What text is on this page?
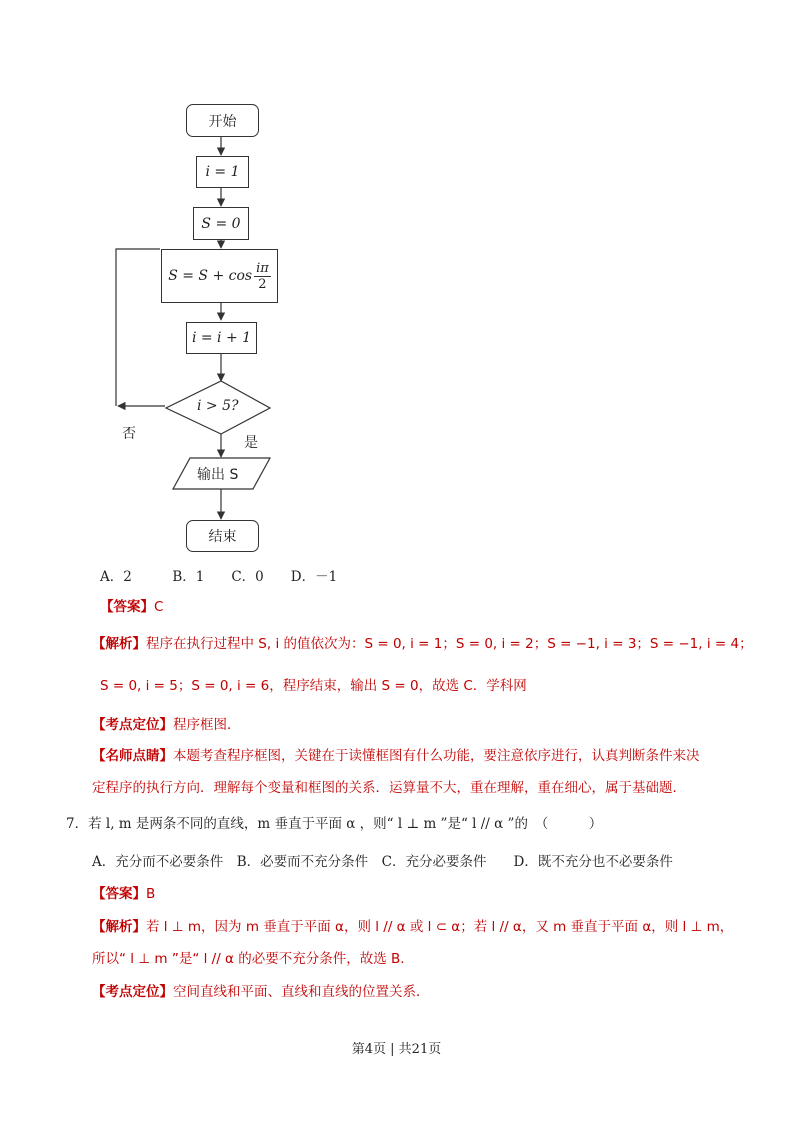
开始
i = 1
S = 0
$S = S + \cos \frac{i\pi}{2}$
i = i + 1
i > 5?
否
是
输出 S
结束
A．2　　　B．1　　C．0　　D．－1
【答案】C
【解析】程序在执行过程中 S, i 的值依次为：S = 0, i = 1；S = 0, i = 2；S = −1, i = 3；S = −1, i = 4；
S = 0, i = 5；S = 0, i = 6，程序结束，输出 S = 0，故选 C．学科网
【考点定位】程序框图．
【名师点睛】本题考查程序框图，关键在于读懂框图有什么功能，要注意依序进行，认真判断条件来决
定程序的执行方向．理解每个变量和框图的关系．运算量不大，重在理解，重在细心，属于基础题．
7．若 l, m 是两条不同的直线，m 垂直于平面 α ，则“ l ⊥ m ”是“ l // α ”的　（　　　）
A．充分而不必要条件　B．必要而不充分条件　C．充分必要条件　　D．既不充分也不必要条件
【答案】B
【解析】若 l ⊥ m，因为 m 垂直于平面 α，则 l // α 或 l ⊂ α；若 l // α，又 m 垂直于平面 α，则 l ⊥ m，
所以“ l ⊥ m ”是“ l // α 的必要不充分条件，故选 B．
【考点定位】空间直线和平面、直线和直线的位置关系．
第4页 | 共21页
